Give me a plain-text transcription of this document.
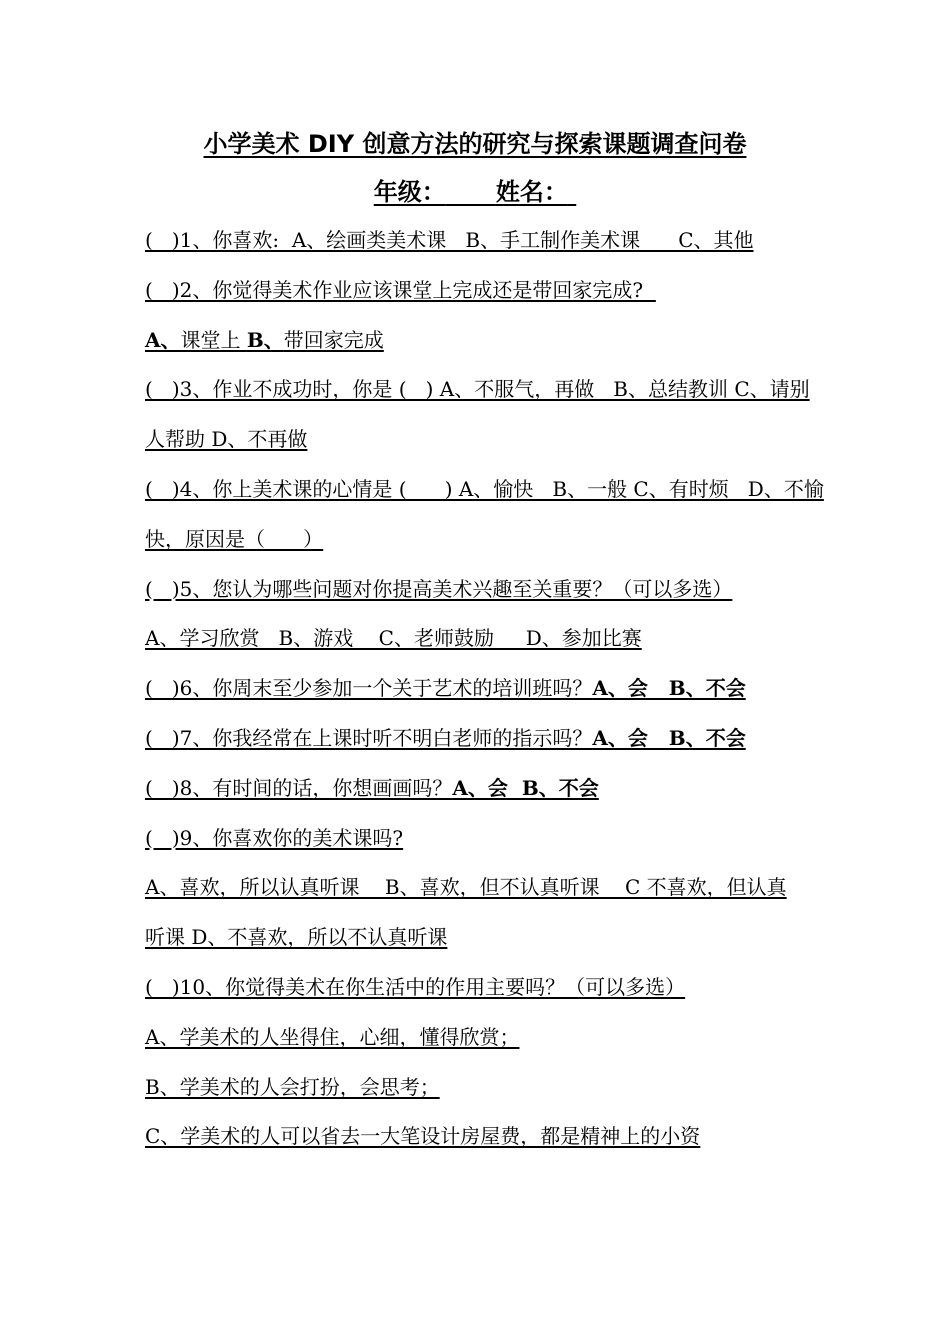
小学美术 DIY 创意方法的研究与探索课题调查问卷
年级： 姓名：
(   )1、你喜欢:  A、绘画类美术课   B、手工制作美术课      C、其他
(   )2、你觉得美术作业应该课堂上完成还是带回家完成?
A、课堂上 B、带回家完成
(   )3、作业不成功时，你是 (   ) A、不服气，再做   B、总结教训 C、请别
人帮助 D、不再做
(   )4、你上美术课的心情是 (      ) A、愉快   B、一般 C、有时烦   D、不愉
快，原因是（      ）
(   )5、您认为哪些问题对你提高美术兴趣至关重要？（可以多选）
A、学习欣赏   B、游戏    C、老师鼓励     D、参加比赛
(   )6、你周末至少参加一个关于艺术的培训班吗？A、会   B、不会
(   )7、你我经常在上课时听不明白老师的指示吗？A、会   B、不会
(   )8、有时间的话，你想画画吗？A、会  B、不会
(   )9、你喜欢你的美术课吗?
A、喜欢，所以认真听课    B、喜欢，但不认真听课    C 不喜欢，但认真
听课 D、不喜欢，所以不认真听课
(   )10、你觉得美术在你生活中的作用主要吗？（可以多选）
A、学美术的人坐得住，心细，懂得欣赏；
B、学美术的人会打扮，会思考；
C、学美术的人可以省去一大笔设计房屋费，都是精神上的小资
